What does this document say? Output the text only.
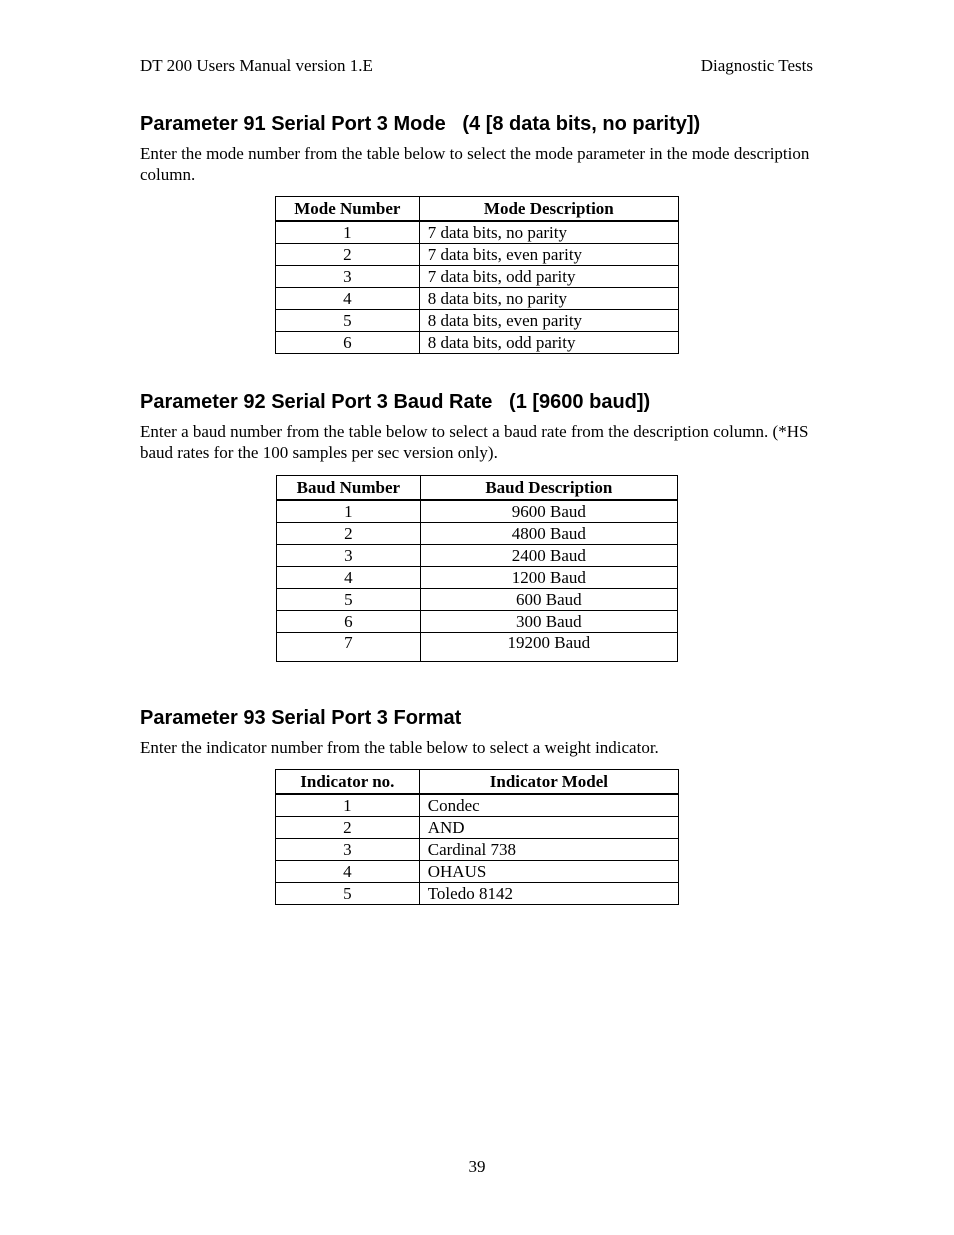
DT 200 Users Manual version 1.E	Diagnostic Tests
Parameter 91 Serial Port 3 Mode   (4 [8 data bits, no parity])

Enter the mode number from the table below to select the mode parameter in the mode description column.

Mode Number	Mode Description
1	7 data bits, no parity
2	7 data bits, even parity
3	7 data bits, odd parity
4	8 data bits, no parity
5	8 data bits, even parity
6	8 data bits, odd parity
Parameter 92 Serial Port 3 Baud Rate   (1 [9600 baud])

Enter a baud number from the table below to select a baud rate from the description column. (*HS baud rates for the 100 samples per sec version only).

Baud Number	Baud Description
1	9600 Baud
2	4800 Baud
3	2400 Baud
4	1200 Baud
5	600 Baud
6	300 Baud
7	19200 Baud
Parameter 93 Serial Port 3 Format

Enter the indicator number from the table below to select a weight indicator.

Indicator no.	Indicator Model
1	Condec
2	AND
3	Cardinal 738
4	OHAUS
5	Toledo 8142
39
